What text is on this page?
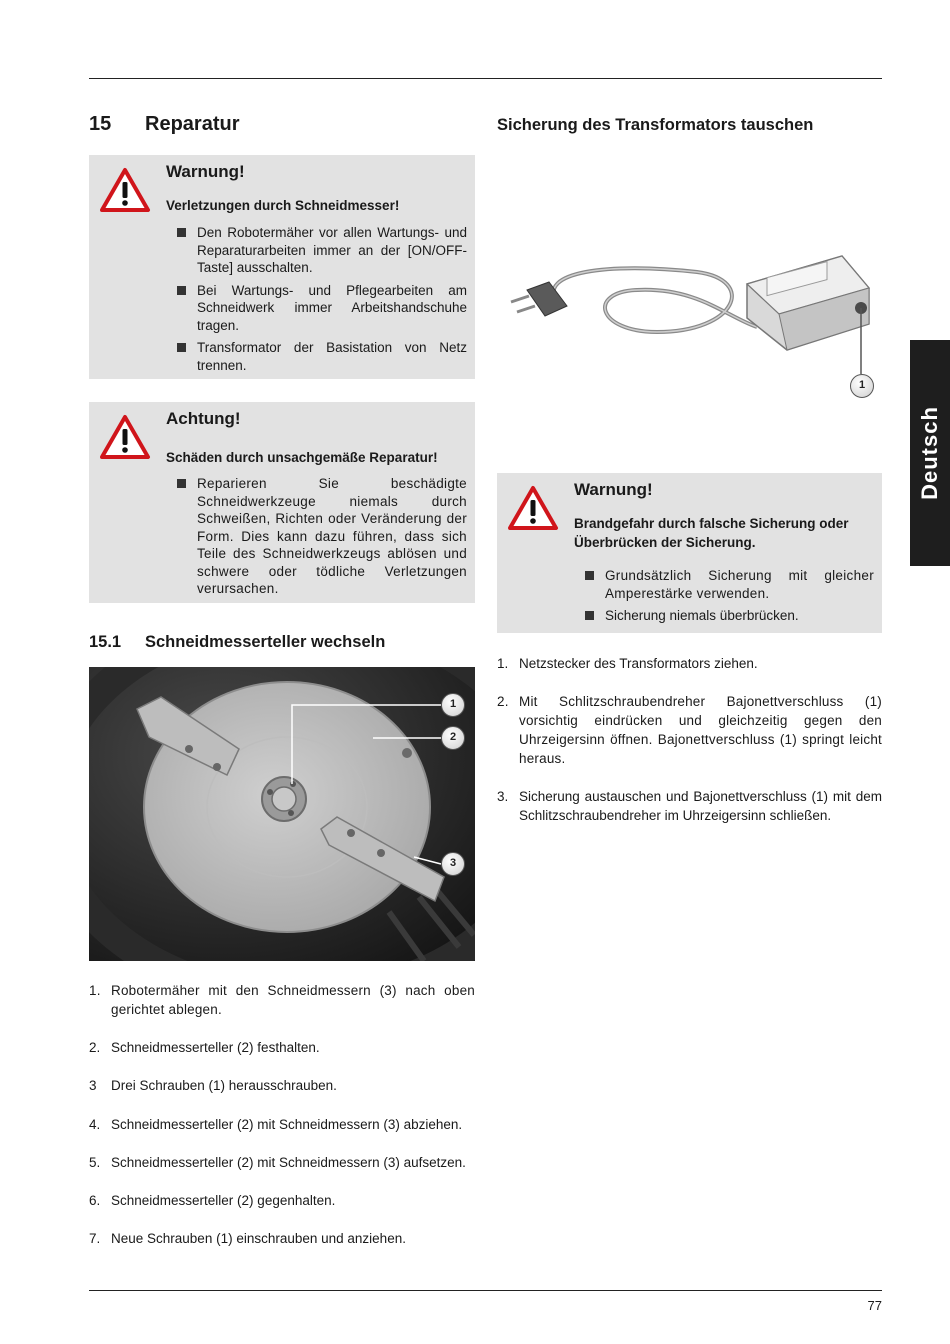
15 Reparatur
Warnung!
Verletzungen durch Schneidmesser!
Den Robotermäher vor allen Wartungs- und Reparaturarbeiten immer an der [ON/OFF-Taste] ausschalten.
Bei Wartungs- und Pflegearbeiten am Schneidwerk immer Arbeitshandschuhe tragen.
Transformator der Basistation von Netz trennen.
Achtung!
Schäden durch unsachgemäße Reparatur!
Reparieren Sie beschädigte Schneidwerkzeuge niemals durch Schweißen, Richten oder Veränderung der Form. Dies kann dazu führen, dass sich Teile des Schneidwerkzeugs ablösen und schwere oder tödliche Verletzungen verursachen.
15.1 Schneidmesserteller wechseln
1
2
3
1. Robotermäher mit den Schneidmessern (3) nach oben gerichtet ablegen.
2. Schneidmesserteller (2) festhalten.
3 Drei Schrauben (1) herausschrauben.
4. Schneidmesserteller (2) mit Schneidmessern (3) abziehen.
5. Schneidmesserteller (2) mit Schneidmessern (3) aufsetzen.
6. Schneidmesserteller (2) gegenhalten.
7. Neue Schrauben (1) einschrauben und anziehen.
Sicherung des Transformators tauschen
1
Warnung!
Brandgefahr durch falsche Sicherung oder Überbrücken der Sicherung.
Grundsätzlich Sicherung mit gleicher Amperestärke verwenden.
Sicherung niemals überbrücken.
1. Netzstecker des Transformators ziehen.
2. Mit Schlitzschraubendreher Bajonettverschluss (1) vorsichtig eindrücken und gleichzeitig gegen den Uhrzeigersinn öffnen. Bajonettverschluss (1) springt leicht heraus.
3. Sicherung austauschen und Bajonettverschluss (1) mit dem Schlitzschraubendreher im Uhrzeigersinn schließen.
Deutsch
77
